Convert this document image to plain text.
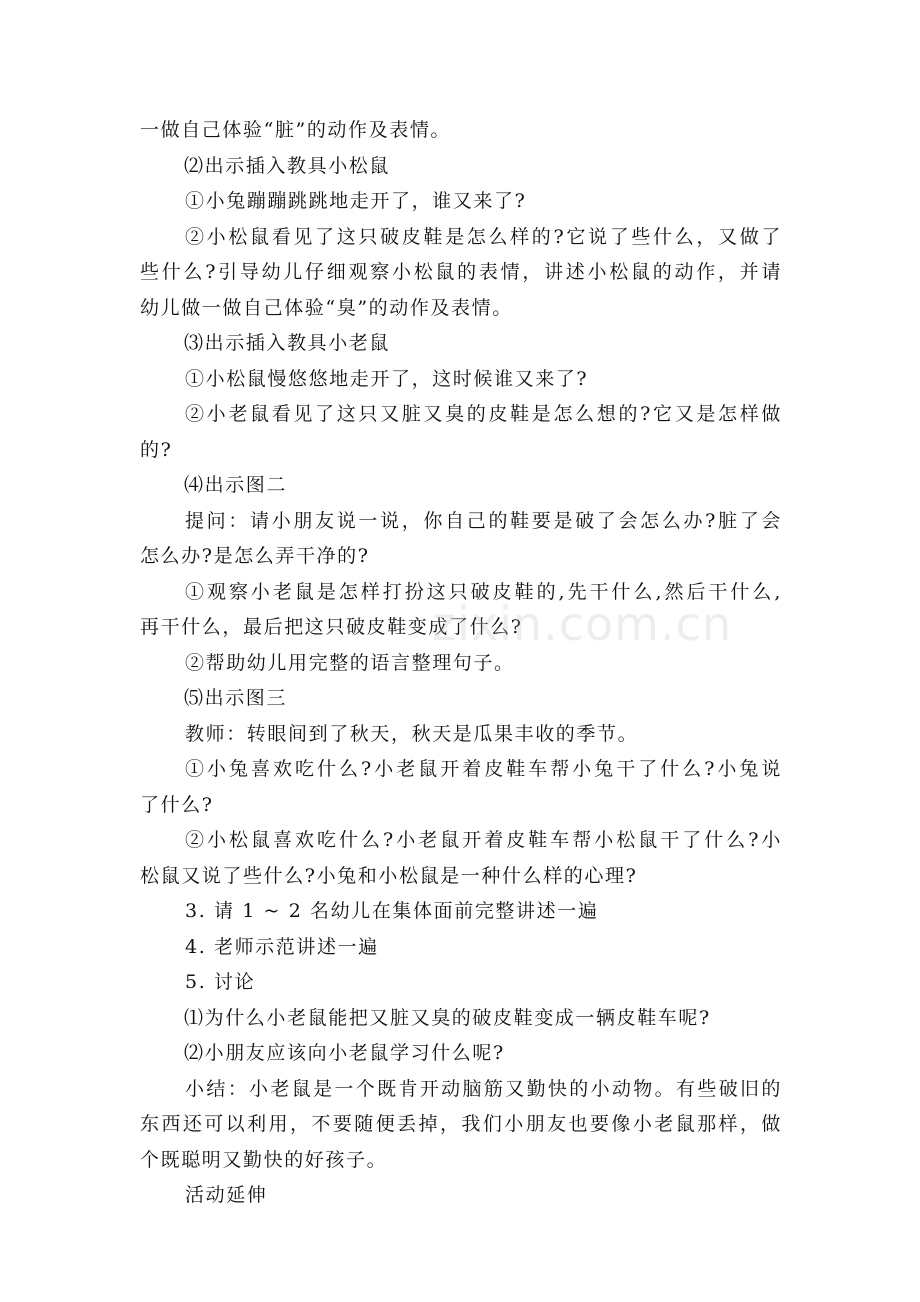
一做自己体验“脏”的动作及表情。
⑵出示插入教具小松鼠
①小兔蹦蹦跳跳地走开了，谁又来了?
②小松鼠看见了这只破皮鞋是怎么样的?它说了些什么，又做了
些什么?引导幼儿仔细观察小松鼠的表情，讲述小松鼠的动作，并请
幼儿做一做自己体验“臭”的动作及表情。
⑶出示插入教具小老鼠
①小松鼠慢悠悠地走开了，这时候谁又来了?
②小老鼠看见了这只又脏又臭的皮鞋是怎么想的?它又是怎样做
的?
⑷出示图二
提问：请小朋友说一说，你自己的鞋要是破了会怎么办?脏了会
怎么办?是怎么弄干净的?
①观察小老鼠是怎样打扮这只破皮鞋的,先干什么,然后干什么,
再干什么，最后把这只破皮鞋变成了什么?
②帮助幼儿用完整的语言整理句子。
⑸出示图三
教师：转眼间到了秋天，秋天是瓜果丰收的季节。
①小兔喜欢吃什么?小老鼠开着皮鞋车帮小兔干了什么?小兔说
了什么?
②小松鼠喜欢吃什么?小老鼠开着皮鞋车帮小松鼠干了什么?小
松鼠又说了些什么?小兔和小松鼠是一种什么样的心理?
3. 请 1 ~ 2 名幼儿在集体面前完整讲述一遍
4. 老师示范讲述一遍
5. 讨论
⑴为什么小老鼠能把又脏又臭的破皮鞋变成一辆皮鞋车呢?
⑵小朋友应该向小老鼠学习什么呢?
小结：小老鼠是一个既肯开动脑筋又勤快的小动物。有些破旧的
东西还可以利用，不要随便丢掉，我们小朋友也要像小老鼠那样，做
个既聪明又勤快的好孩子。
活动延伸
zixin.com.cn
